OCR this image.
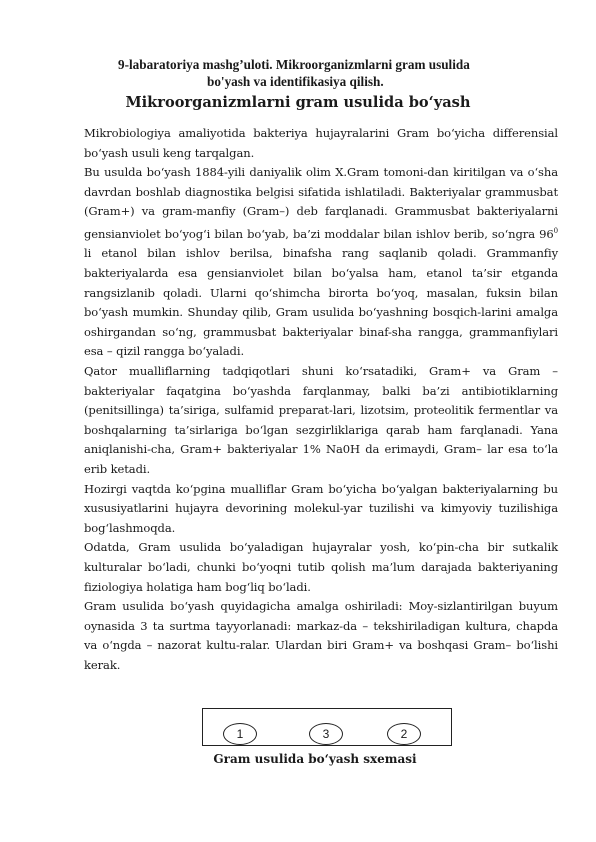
9-labaratoriya mashg’uloti. Mikroorganizmlarni gram usulida
bo'yash va identifikasiya qilish.

Mikroorganizmlarni gram usulida bo‘yash

Mikrobiologiya amaliyotida bakteriya hujayralarini Gram bo‘yicha differensial bo‘yash usuli keng tarqalgan.

Bu usulda bo‘yash 1884-yili daniyalik olim X.Gram tomoni-dan kiritilgan va o‘sha davrdan boshlab diagnostika belgisi sifatida ishlatiladi. Bakteriyalar grammusbat (Gram+) va gram-manfiy (Gram–) deb farqlanadi. Grammusbat bakteriyalarni gensianviolet bo‘yog‘i bilan bo‘yab, ba’zi moddalar bilan ishlov berib, so‘ngra $96^0$ li etanol bilan ishlov berilsa, binafsha rang saqlanib qoladi. Grammanfiy bakteriyalarda esa gensianviolet bilan bo‘yalsa ham, etanol ta’sir etganda rangsizlanib qoladi. Ularni qo‘shimcha birorta bo‘yoq, masalan, fuksin bilan bo‘yash mumkin. Shunday qilib, Gram usulida bo‘yashning bosqich-larini amalga oshirgandan so‘ng, grammusbat bakteriyalar binaf-sha rangga, grammanfiylari esa – qizil rangga bo‘yaladi.

Qator mualliflarning tadqiqotlari shuni ko‘rsatadiki, Gram+ va Gram – bakteriyalar faqatgina bo‘yashda farqlanmay, balki ba’zi antibiotiklarning (penitsillinga) ta’siriga, sulfamid preparat-lari, lizotsim, proteolitik fermentlar va boshqalarning ta’sirlariga bo‘lgan sezgirliklariga qarab ham farqlanadi. Yana aniqlanishi-cha, Gram+ bakteriyalar 1% Na0H da erimaydi, Gram– lar esa to‘la erib ketadi.

Hozirgi vaqtda ko‘pgina mualliflar Gram bo‘yicha bo‘yalgan bakteriyalarning bu xususiyatlarini hujayra devorining molekul-yar tuzilishi va kimyoviy tuzilishiga bog‘lashmoqda.

Odatda, Gram usulida bo‘yaladigan hujayralar yosh, ko‘pin-cha bir sutkalik kulturalar bo‘ladi, chunki bo‘yoqni tutib qolish ma’lum darajada bakteriyaning fiziologiya holatiga ham bog‘liq bo‘ladi.

Gram usulida bo‘yash quyidagicha amalga oshiriladi: Moy-sizlantirilgan buyum oynasida 3 ta surtma tayyorlanadi: markaz-da – tekshiriladigan kultura, chapda va o‘ngda – nazorat kultu-ralar. Ulardan biri Gram+ va boshqasi Gram– bo‘lishi kerak.

1	3	2

Gram usulida bo‘yash sxemasi
